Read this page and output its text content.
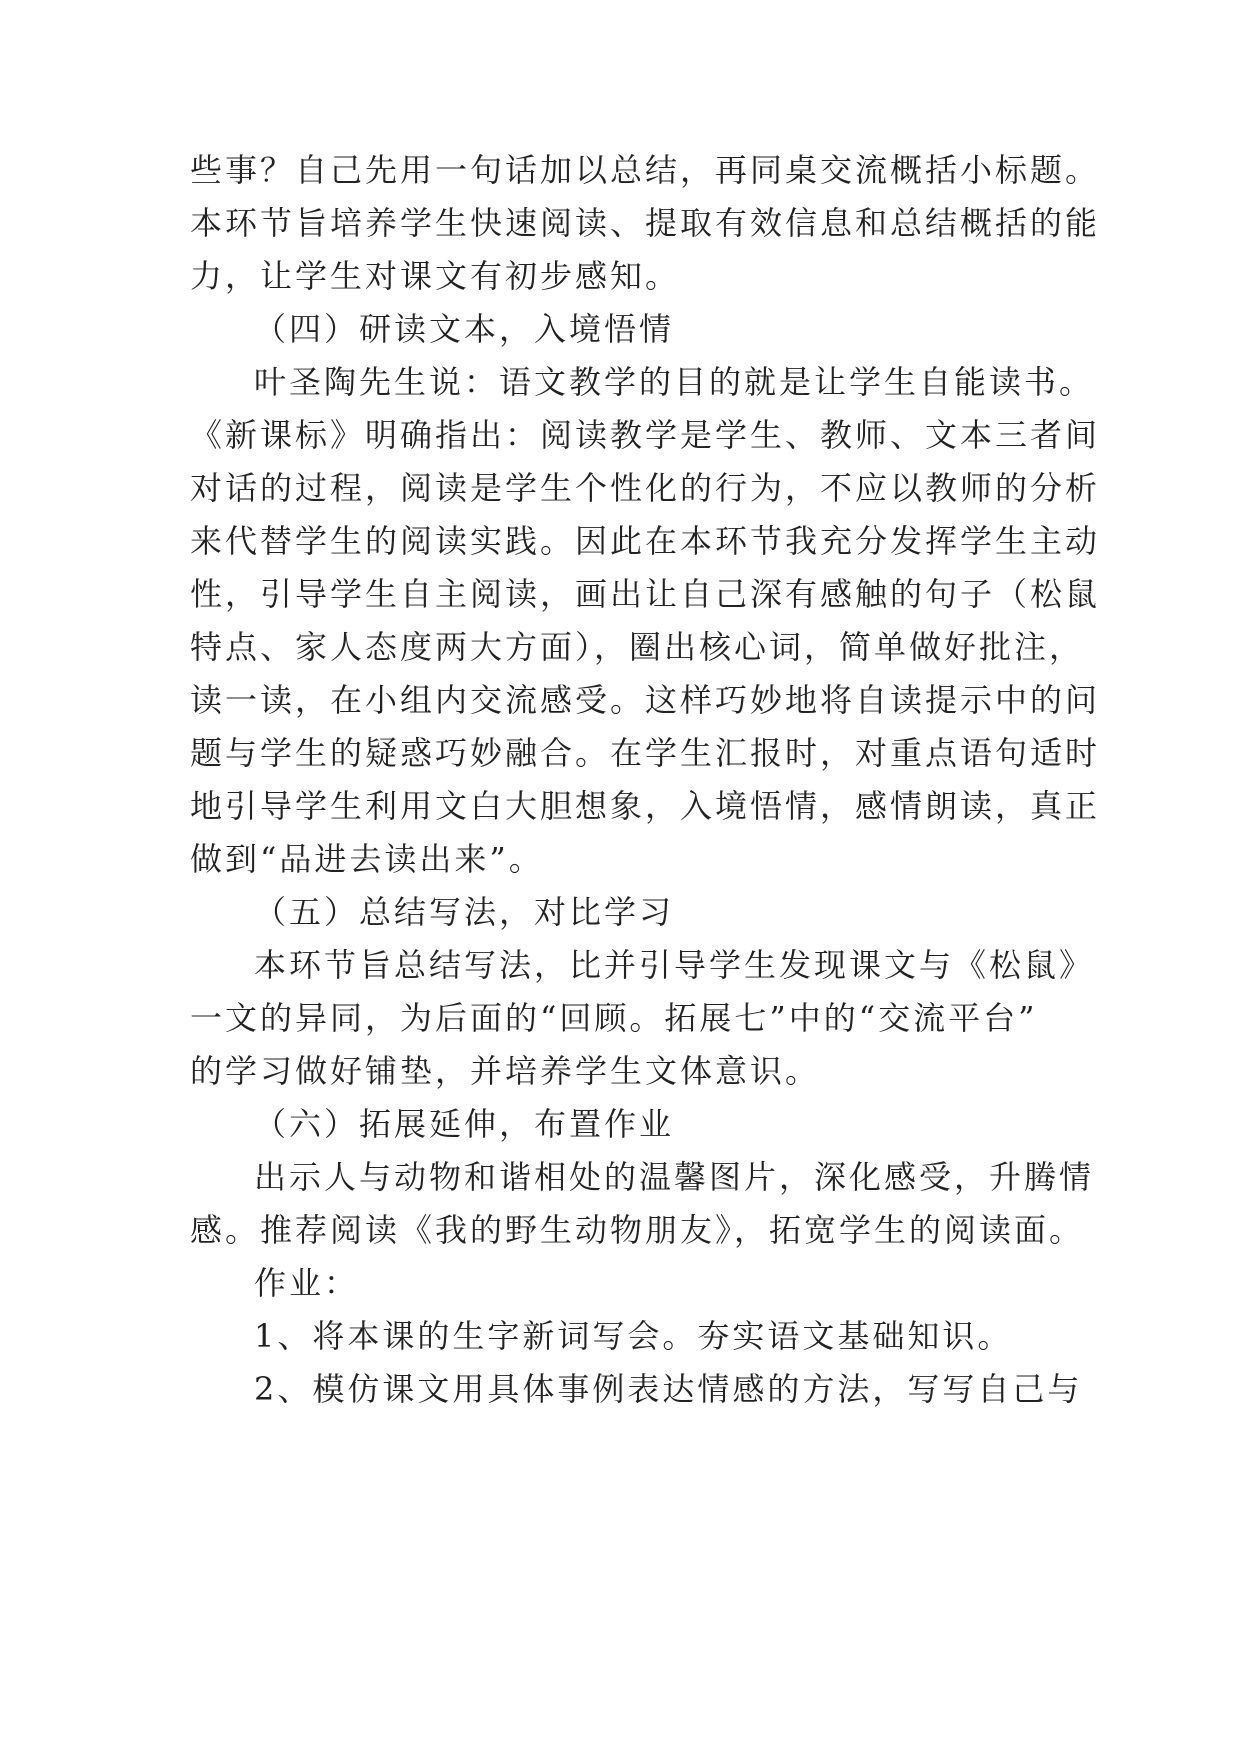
些事？自己先用一句话加以总结，再同桌交流概括小标题。
本环节旨培养学生快速阅读、提取有效信息和总结概括的能
力，让学生对课文有初步感知。
（四）研读文本，入境悟情
叶圣陶先生说：语文教学的目的就是让学生自能读书。
《新课标》明确指出：阅读教学是学生、教师、文本三者间
对话的过程，阅读是学生个性化的行为，不应以教师的分析
来代替学生的阅读实践。因此在本环节我充分发挥学生主动
性，引导学生自主阅读，画出让自己深有感触的句子（松鼠
特点、家人态度两大方面），圈出核心词，简单做好批注，
读一读，在小组内交流感受。这样巧妙地将自读提示中的问
题与学生的疑惑巧妙融合。在学生汇报时，对重点语句适时
地引导学生利用文白大胆想象，入境悟情，感情朗读，真正
做到“品进去读出来”。
（五）总结写法，对比学习
本环节旨总结写法，比并引导学生发现课文与《松鼠》
一文的异同，为后面的“回顾。拓展七”中的“交流平台”
的学习做好铺垫，并培养学生文体意识。
（六）拓展延伸，布置作业
出示人与动物和谐相处的温馨图片，深化感受，升腾情
感。推荐阅读《我的野生动物朋友》，拓宽学生的阅读面。
作业：
1、将本课的生字新词写会。夯实语文基础知识。
2、模仿课文用具体事例表达情感的方法，写写自己与
